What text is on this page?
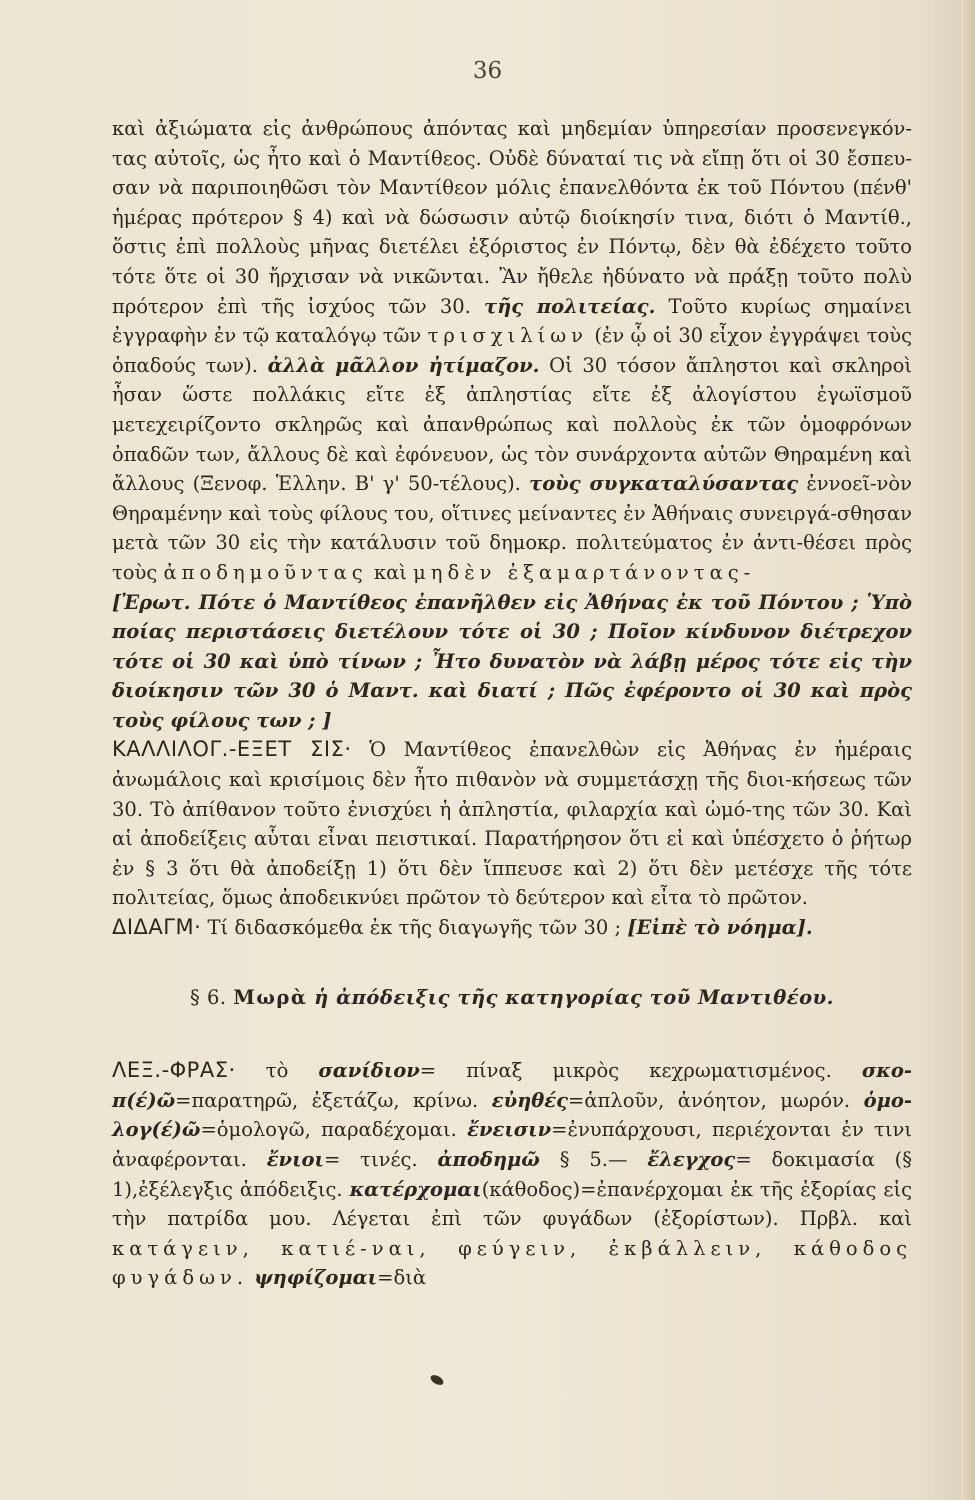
36

καὶ ἀξιώματα εἰς ἀνθρώπους ἀπόντας καὶ μηδεμίαν ὑπηρεσίαν προσενεγκόν-τας αὐτοῖς, ὡς ἦτο καὶ ὁ Μαντίθεος. Οὐδὲ δύναταί τις νὰ εἴπῃ ὅτι οἱ 30 ἔσπευ-σαν νὰ παριποιηθῶσι τὸν Μαντίθεον μόλις ἐπανελθόντα ἐκ τοῦ Πόντου (πένθ' ἡμέρας πρότερον § 4) καὶ νὰ δώσωσιν αὐτῷ διοίκησίν τινα, διότι ὁ Μαντίθ., ὅστις ἐπὶ πολλοὺς μῆνας διετέλει ἐξόριστος ἐν Πόντῳ, δὲν θὰ ἐδέχετο τοῦτο τότε ὅτε οἱ 30 ἤρχισαν νὰ νικῶνται. Ἂν ἤθελε ἠδύνατο νὰ πράξῃ τοῦτο πολὺ πρότερον ἐπὶ τῆς ἰσχύος τῶν 30. τῆς πολιτείας. Τοῦτο κυρίως σημαίνει ἐγγραφὴν ἐν τῷ καταλόγῳ τῶν τρισχιλίων (ἐν ᾧ οἱ 30 εἶχον ἐγγράψει τοὺς ὀπαδούς των). ἀλλὰ μᾶλλον ἠτίμαζον. Οἱ 30 τόσον ἄπληστοι καὶ σκληροὶ ἦσαν ὥστε πολλάκις εἴτε ἐξ ἀπληστίας εἴτε ἐξ ἀλογίστου ἐγωϊσμοῦ μετεχειρίζοντο σκληρῶς καὶ ἀπανθρώπως καὶ πολλοὺς ἐκ τῶν ὁμοφρόνων ὀπαδῶν των, ἄλλους δὲ καὶ ἐφόνευον, ὡς τὸν συνάρχοντα αὐτῶν Θηραμένη καὶ ἄλλους (Ξενοφ. Ἑλλην. Β' γ' 50-τέλους). τοὺς συγκαταλύσαντας ἐννοεῖ-νὸν Θηραμένην καὶ τοὺς φίλους του, οἵτινες μείναντες ἐν Ἀθήναις συνειργά-σθησαν μετὰ τῶν 30 εἰς τὴν κατάλυσιν τοῦ δημοκρ. πολιτεύματος ἐν ἀντι-θέσει πρὸς τοὺς ἀποδημοῦντας καὶ μηδὲν ἐξαμαρτάνοντας-

[Ἐρωτ. Πότε ὁ Μαντίθεος ἐπανῆλθεν εἰς Ἀθήνας ἐκ τοῦ Πόντου ; Ὑπὸ ποίας περιστάσεις διετέλουν τότε οἱ 30 ; Ποῖον κίνδυνον διέτρεχον τότε οἱ 30 καὶ ὑπὸ τίνων ; Ἦτο δυνατὸν νὰ λάβῃ μέρος τότε εἰς τὴν διοίκησιν τῶν 30 ὁ Μαντ. καὶ διατί ; Πῶς ἐφέροντο οἱ 30 καὶ πρὸς τοὺς φίλους των ; ]

ΚΑΛΛΙΛΟΓ.-ΕΞΕΤ ΣΙΣ· Ὁ Μαντίθεος ἐπανελθὼν εἰς Ἀθήνας ἐν ἡμέραις ἀνωμάλοις καὶ κρισίμοις δὲν ἦτο πιθανὸν νὰ συμμετάσχῃ τῆς διοι-κήσεως τῶν 30. Τὸ ἀπίθανον τοῦτο ἐνισχύει ἡ ἀπληστία, φιλαρχία καὶ ὠμό-της τῶν 30. Καὶ αἱ ἀποδείξεις αὗται εἶναι πειστικαί. Παρατήρησον ὅτι εἰ καὶ ὑπέσχετο ὁ ῥήτωρ ἐν § 3 ὅτι θὰ ἀποδείξῃ 1) ὅτι δὲν ἵππευσε καὶ 2) ὅτι δὲν μετέσχε τῆς τότε πολιτείας, ὅμως ἀποδεικνύει πρῶτον τὸ δεύτερον καὶ εἶτα τὸ πρῶτον.

ΔΙΔΑΓΜ· Τί διδασκόμεθα ἐκ τῆς διαγωγῆς τῶν 30 ; [Εἰπὲ τὸ νόημα].

§ 6. Μωρὰ ἡ ἀπόδειξις τῆς κατηγορίας τοῦ Μαντιθέου.

ΛΕΞ.-ΦΡΑΣ· τὸ σανίδιον= πίναξ μικρὸς κεχρωματισμένος. σκο-π(έ)ῶ=παρατηρῶ, ἐξετάζω, κρίνω. εὐηθές=ἁπλοῦν, ἀνόητον, μωρόν. ὁμο-λογ(έ)ῶ=ὁμολογῶ, παραδέχομαι. ἔνεισιν=ἐνυπάρχουσι, περιέχονται ἐν τινι ἀναφέρονται. ἔνιοι= τινές. ἀποδημῶ § 5.— ἔλεγχος= δοκιμασία (§ 1),ἐξέλεγξις ἀπόδειξις. κατέρχομαι(κάθοδος)=ἐπανέρχομαι ἐκ τῆς ἐξορίας εἰς τὴν πατρίδα μου. Λέγεται ἐπὶ τῶν φυγάδων (ἐξορίστων). Πρβλ. καὶ κατάγειν, κατιέ-ναι, φεύγειν, ἐκβάλλειν, κάθοδος φυγάδων. ψηφίζομαι=διὰ
